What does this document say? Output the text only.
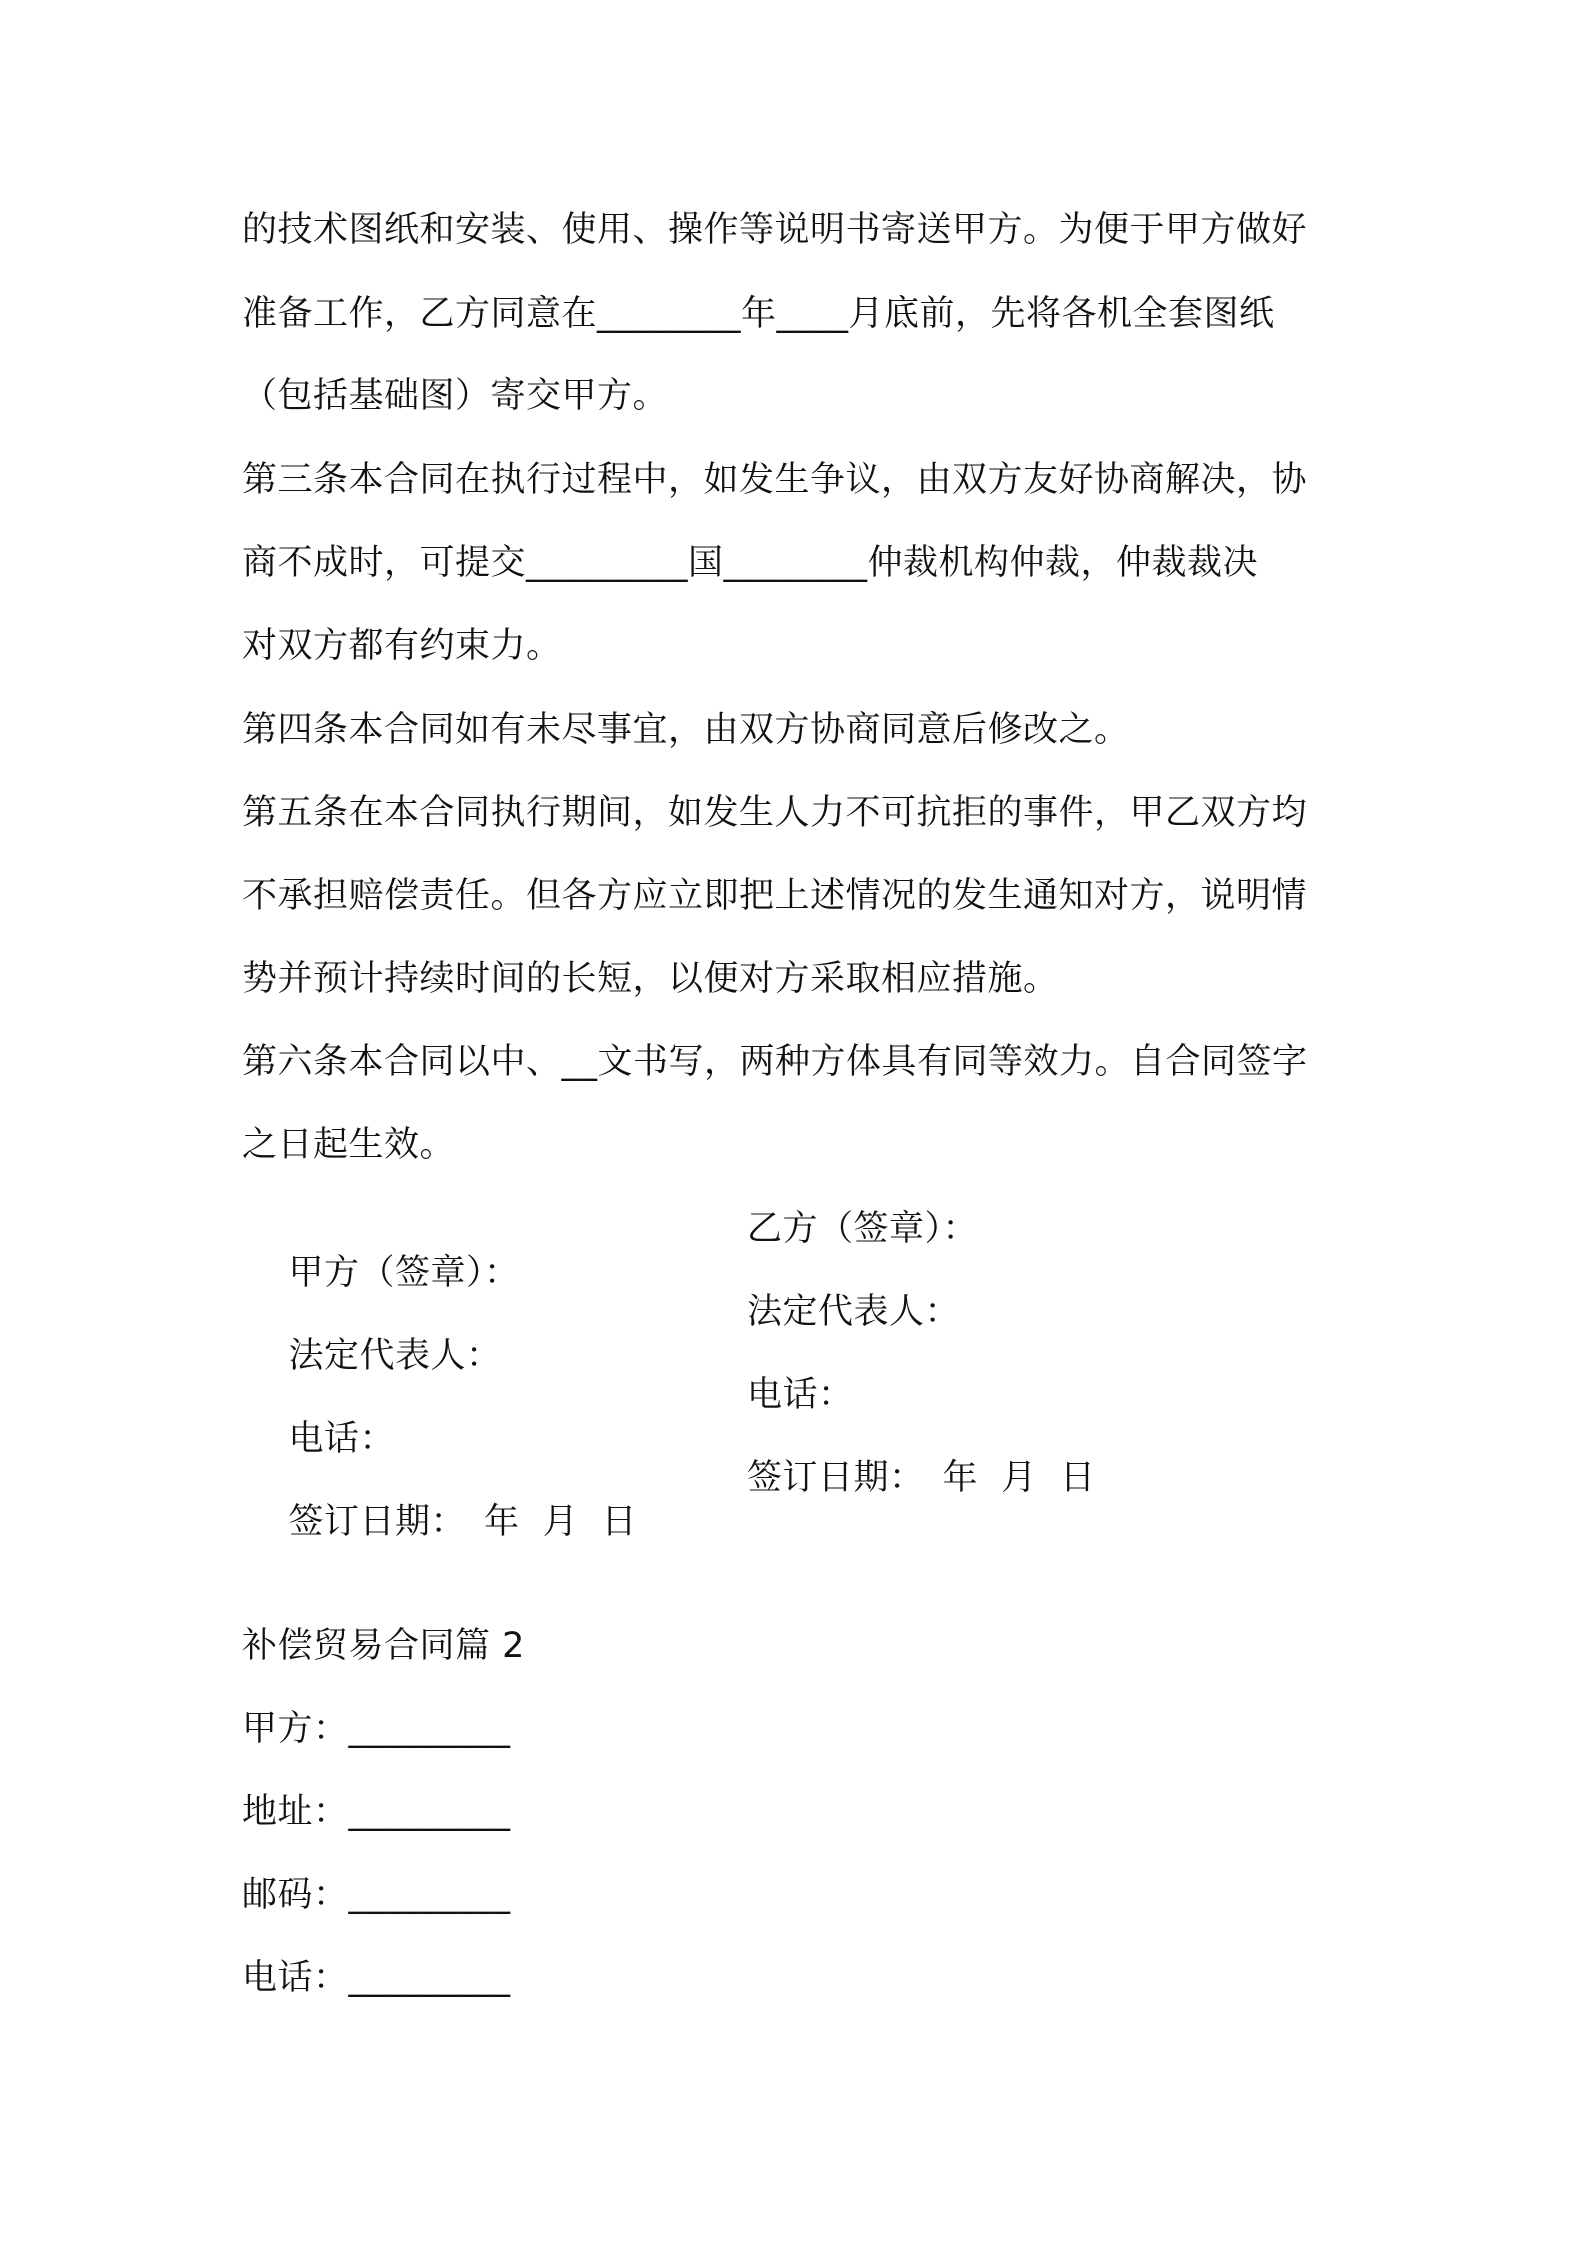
的技术图纸和安装、使用、操作等说明书寄送甲方。为便于甲方做好
准备工作，乙方同意在________年____月底前，先将各机全套图纸
（包括基础图）寄交甲方。
第三条本合同在执行过程中，如发生争议，由双方友好协商解决，协
商不成时，可提交_________国________仲裁机构仲裁，仲裁裁决
对双方都有约束力。
第四条本合同如有未尽事宜，由双方协商同意后修改之。
第五条在本合同执行期间，如发生人力不可抗拒的事件，甲乙双方均
不承担赔偿责任。但各方应立即把上述情况的发生通知对方，说明情
势并预计持续时间的长短，以便对方采取相应措施。
第六条本合同以中、__文书写，两种方体具有同等效力。自合同签字
之日起生效。

甲方（签章）：

乙方（签章）：

法定代表人：

法定代表人：

电话：

电话：

签订日期：　年  月  日

签订日期：　年  月  日

补偿贸易合同篇 2
甲方：_________
地址：_________
邮码：_________
电话：_________
